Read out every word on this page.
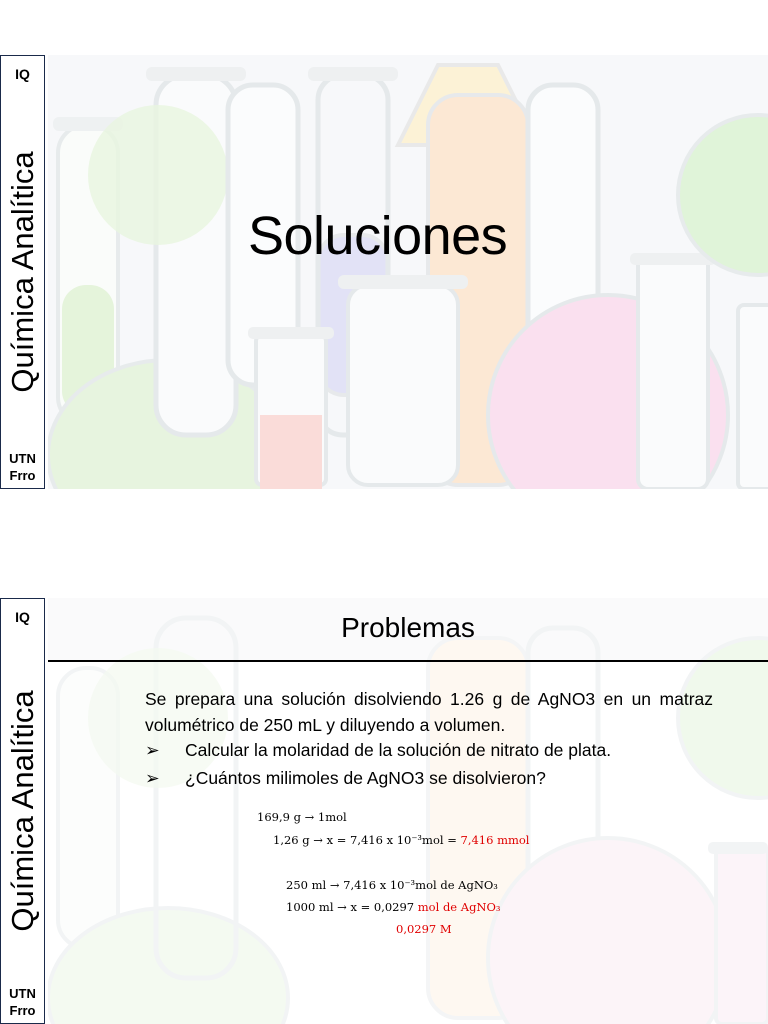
IQ
Química Analítica
UTN
Frro
Soluciones
IQ
Química Analítica
UTN
Frro
Problemas
Se prepara una solución disolviendo 1.26 g de AgNO3 en un matraz volumétrico de 250 mL y diluyendo a volumen.
➢ Calcular la molaridad de la solución de nitrato de plata.
➢ ¿Cuántos milimoles de AgNO3 se disolvieron?
169,9 g → 1mol
1,26 g → x = 7,416 x 10⁻³mol = 7,416 mmol
250 ml → 7,416 x 10⁻³mol de AgNO₃
1000 ml → x = 0,0297 mol de AgNO₃
0,0297 M
